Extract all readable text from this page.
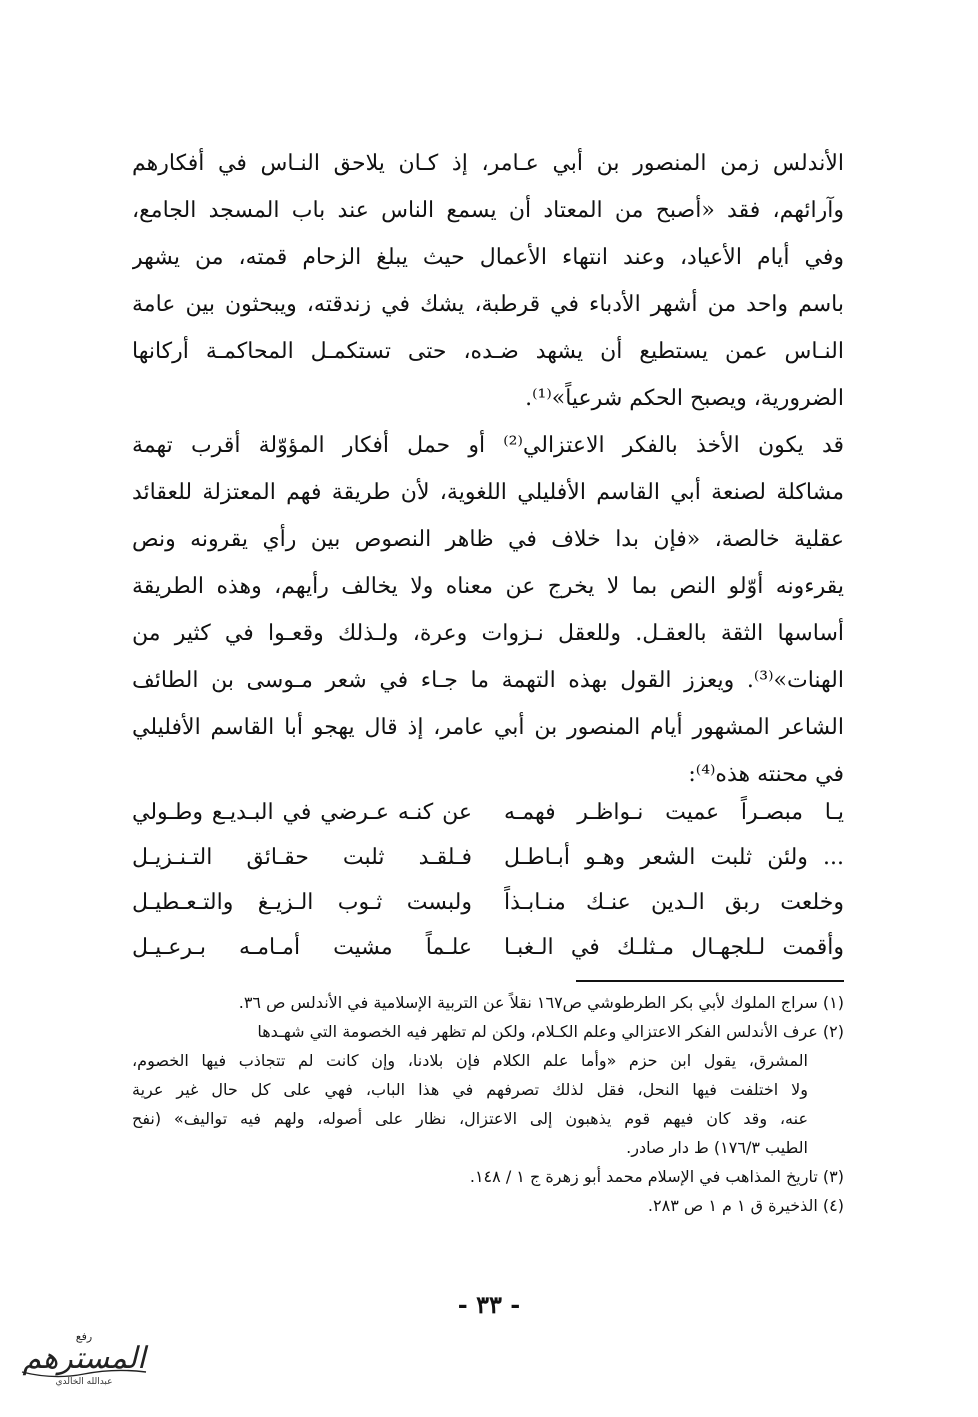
الأندلس زمن المنصور بن أبي عـامر، إذ كـان يلاحق النـاس في أفكارهم
وآرائهم، فقد «أصبح من المعتاد أن يسمع الناس عند باب المسجد الجامع،
وفي أيام الأعياد، وعند انتهاء الأعمال حيث يبلغ الزحام قمته، من يشهر
باسم واحد من أشهر الأدباء في قرطبة، يشك في زندقته، ويبحثون بين عامة
النـاس عمن يستطيع أن يشهد ضـده، حتى تستكمـل المحاكمـة أركانها
الضرورية، ويصبح الحكم شرعياً»⁽¹⁾.
قد يكون الأخذ بالفكر الاعتزالي⁽²⁾ أو حمل أفكار المؤوّلة أقرب تهمة
مشاكلة لصنعة أبي القاسم الأفليلي اللغوية، لأن طريقة فهم المعتزلة للعقائد
عقلية خالصة، «فإن بدا خلاف في ظاهر النصوص بين رأي يقرونه ونص
يقرءونه أوّلو النص بما لا يخرج عن معناه ولا يخالف رأيهم، وهذه الطريقة
أساسها الثقة بالعقـل. وللعقل نـزوات وعرة، ولـذلك وقعـوا في كثير من
الهنات»⁽³⁾. ويعزز القول بهذه التهمة ما جـاء في شعر مـوسى بن الطائف
الشاعر المشهور أيام المنصور بن أبي عامر، إذ قال يهجو أبا القاسم الأفليلي
في محنته هذه⁽⁴⁾:
يـا مبصـراً عميت نـواظـر فهمـه
عن كنـه عـرضي في البـديـع وطـولي
... ولئن ثلبت الشعر وهـو أبـاطـل
فـلقـد ثلبت حقـائق التـنـزيـل
وخلعت ربق الـدين عنـك منـابـذاً
ولبست ثـوب الـزيـغ والتـعـطيـل
وأقمت لـلجهـال مـثلـك في الـغبـا
علـماً مشيت أمـامـه بـرعـيـل
(١) سراج الملوك لأبي بكر الطرطوشي ص١٦٧ نقلاً عن التربية الإسلامية في الأندلس ص ٣٦.
(٢) عرف الأندلس الفكر الاعتزالي وعلم الكـلام، ولكن لم تظهر فيه الخصومة التي شهـدها
المشرق، يقول ابن حزم «وأما علم الكلام فإن بلادنا، وإن كانت لم تتجاذب فيها الخصوم،
ولا اختلفت فيها النحل، فقل لذلك تصرفهم في هذا الباب، فهي على كل حال غير عرية
عنه، وقد كان فيهم قوم يذهبون إلى الاعتزال، نظار على أصوله، ولهم فيه تواليف» (نفح
الطيب ١٧٦/٣) ط دار صادر.
(٣) تاريخ المذاهب في الإسلام محمد أبو زهرة ج ١ / ١٤٨.
(٤) الذخيرة ق ١ م ١ ص ٢٨٣.
- ٣٣ -
رفع
المسترهم
عبدالله الخالدي
